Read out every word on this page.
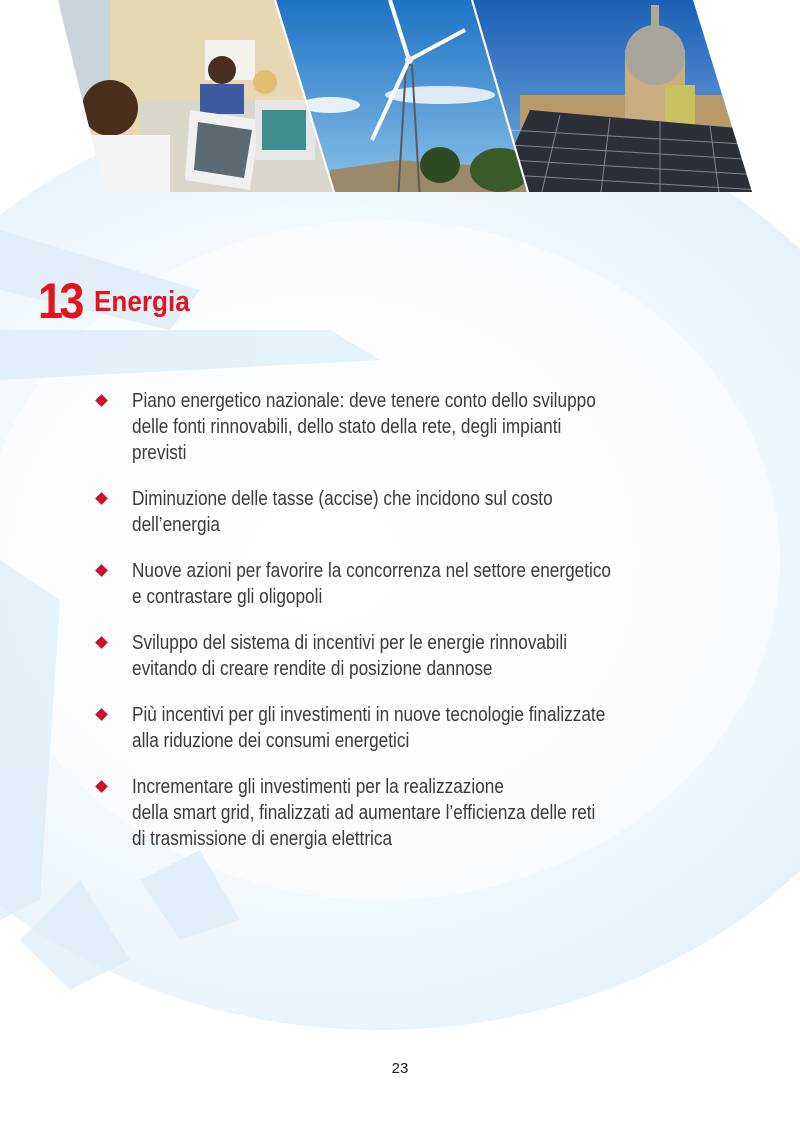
13 Energia
Piano energetico nazionale: deve tenere conto dello sviluppo
delle fonti rinnovabili, dello stato della rete, degli impianti
previsti
Diminuzione delle tasse (accise) che incidono sul costo
dell’energia
Nuove azioni per favorire la concorrenza nel settore energetico
e contrastare gli oligopoli
Sviluppo del sistema di incentivi per le energie rinnovabili
evitando di creare rendite di posizione dannose
Più incentivi per gli investimenti in nuove tecnologie finalizzate
alla riduzione dei consumi energetici
Incrementare gli investimenti per la realizzazione
della smart grid, finalizzati ad aumentare l’efficienza delle reti
di trasmissione di energia elettrica
23
